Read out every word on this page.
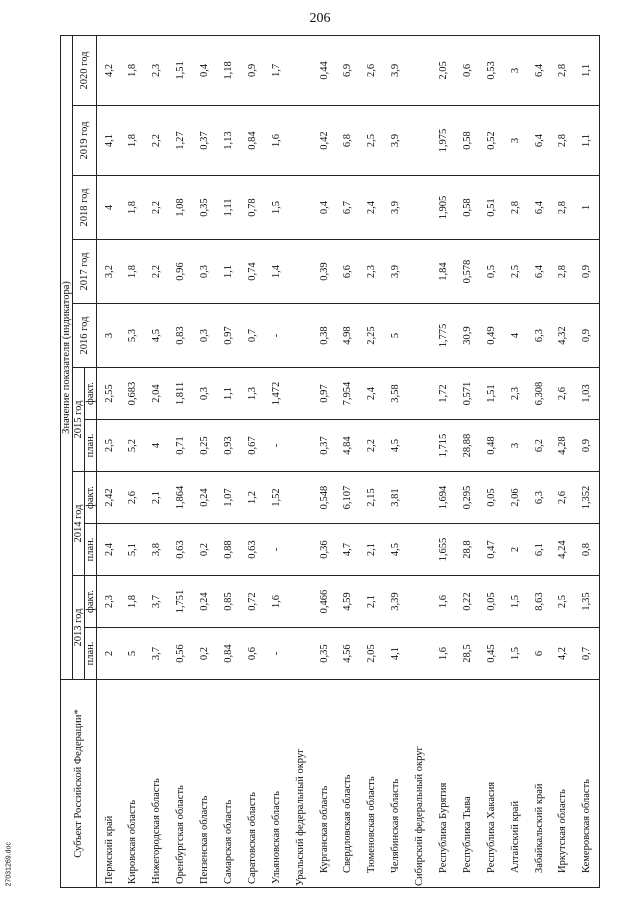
206
Субъект Российской Федерации*	Значение показателя (индикатора)										
	2013 год		2014 год		2015 год		2016 год	2017 год	2018 год	2019 год	2020 год
	план.	факт.	план.	факт.	план.	факт.					
Пермский край	2	2,3	2,4	2,42	2,5	2,55	3	3,2	4	4,1	4,2
Кировская область	5	1,8	5,1	2,6	5,2	0,683	5,3	1,8	1,8	1,8	1,8
Нижегородская область	3,7	3,7	3,8	2,1	4	2,04	4,5	2,2	2,2	2,2	2,3
Оренбургская область	0,56	1,751	0,63	1,864	0,71	1,811	0,83	0,96	1,08	1,27	1,51
Пензенская область	0,2	0,24	0,2	0,24	0,25	0,3	0,3	0,3	0,35	0,37	0,4
Самарская область	0,84	0,85	0,88	1,07	0,93	1,1	0,97	1,1	1,11	1,13	1,18
Саратовская область	0,6	0,72	0,63	1,2	0,67	1,3	0,7	0,74	0,78	0,84	0,9
Ульяновская область	-	1,6	-	1,52	-	1,472	-	1,4	1,5	1,6	1,7
Уральский федеральный округ											
Курганская область	0,35	0,466	0,36	0,548	0,37	0,97	0,38	0,39	0,4	0,42	0,44
Свердловская область	4,56	4,59	4,7	6,107	4,84	7,954	4,98	6,6	6,7	6,8	6,9
Тюменовская область	2,05	2,1	2,1	2,15	2,2	2,4	2,25	2,3	2,4	2,5	2,6
Челябинская область	4,1	3,39	4,5	3,81	4,5	3,58	5	3,9	3,9	3,9	3,9
Сибирский федеральный округ											
Республика Бурятия	1,6	1,6	1,655	1,694	1,715	1,72	1,775	1,84	1,905	1,975	2,05
Республика Тыва	28,5	0,22	28,8	0,295	28,88	0,571	30,9	0,578	0,58	0,58	0,6
Республика Хакасия	0,45	0,05	0,47	0,05	0,48	1,51	0,49	0,5	0,51	0,52	0,53
Алтайский край	1,5	1,5	2	2,06	3	2,3	4	2,5	2,8	3	3
Забайкальский край	6	8,63	6,1	6,3	6,2	6,308	6,3	6,4	6,4	6,4	6,4
Иркутская область	4,2	2,5	4,24	2,6	4,28	2,6	4,32	2,8	2,8	2,8	2,8
Кемеровская область	0,7	1,35	0,8	1,352	0,9	1,03	0,9	0,9	1	1,1	1,1
27031269.doc
